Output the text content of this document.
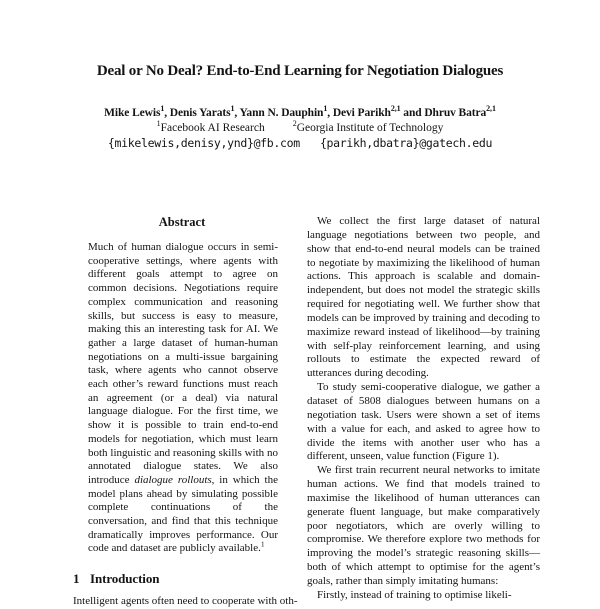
Deal or No Deal? End-to-End Learning for Negotiation Dialogues
Mike Lewis$^1$, Denis Yarats$^1$, Yann N. Dauphin$^1$, Devi Parikh$^{2,1}$ and Dhruv Batra$^{2,1}$
$^1$Facebook AI Research	$^2$Georgia Institute of Technology
{mikelewis,denisy,ynd}@fb.com {parikh,dbatra}@gatech.edu
Abstract
Much of human dialogue occurs in semi-cooperative settings, where agents with different goals attempt to agree on common decisions. Negotiations require complex communication and reasoning skills, but success is easy to measure, making this an interesting task for AI. We gather a large dataset of human-human negotiations on a multi-issue bargaining task, where agents who cannot observe each other’s reward functions must reach an agreement (or a deal) via natural language dialogue. For the first time, we show it is possible to train end-to-end models for negotiation, which must learn both linguistic and reasoning skills with no annotated dialogue states. We also introduce dialogue rollouts, in which the model plans ahead by simulating possible complete continuations of the conversation, and find that this technique dramatically improves performance. Our code and dataset are publicly available.$^1$
1 Introduction
Intelligent agents often need to cooperate with oth-

We collect the first large dataset of natural language negotiations between two people, and show that end-to-end neural models can be trained to negotiate by maximizing the likelihood of human actions. This approach is scalable and domain-independent, but does not model the strategic skills required for negotiating well. We further show that models can be improved by training and decoding to maximize reward instead of likelihood—by training with self-play reinforcement learning, and using rollouts to estimate the expected reward of utterances during decoding.

To study semi-cooperative dialogue, we gather a dataset of 5808 dialogues between humans on a negotiation task. Users were shown a set of items with a value for each, and asked to agree how to divide the items with another user who has a different, unseen, value function (Figure 1).

We first train recurrent neural networks to imitate human actions. We find that models trained to maximise the likelihood of human utterances can generate fluent language, but make comparatively poor negotiators, which are overly willing to compromise. We therefore explore two methods for improving the model’s strategic reasoning skills—both of which attempt to optimise for the agent’s goals, rather than simply imitating humans:

Firstly, instead of training to optimise likeli-
